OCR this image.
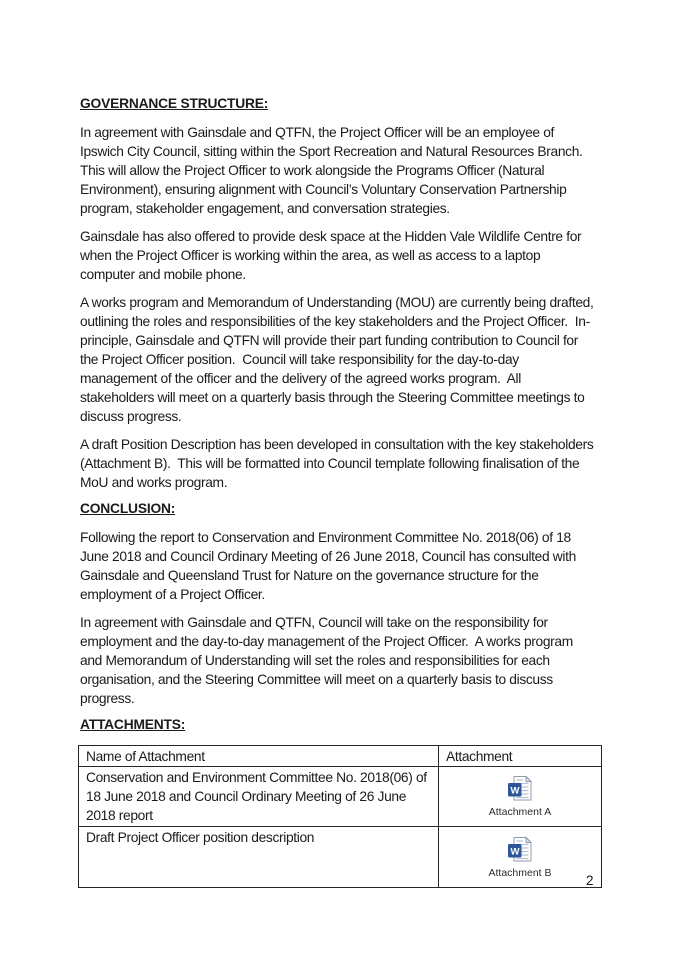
GOVERNANCE STRUCTURE:

In agreement with Gainsdale and QTFN, the Project Officer will be an employee of Ipswich City Council, sitting within the Sport Recreation and Natural Resources Branch.  This will allow the Project Officer to work alongside the Programs Officer (Natural Environment), ensuring alignment with Council’s Voluntary Conservation Partnership program, stakeholder engagement, and conversation strategies.

Gainsdale has also offered to provide desk space at the Hidden Vale Wildlife Centre for when the Project Officer is working within the area, as well as access to a laptop computer and mobile phone.

A works program and Memorandum of Understanding (MOU) are currently being drafted, outlining the roles and responsibilities of the key stakeholders and the Project Officer.  In-principle, Gainsdale and QTFN will provide their part funding contribution to Council for the Project Officer position.  Council will take responsibility for the day-to-day management of the officer and the delivery of the agreed works program.  All stakeholders will meet on a quarterly basis through the Steering Committee meetings to discuss progress.

A draft Position Description has been developed in consultation with the key stakeholders (Attachment B).  This will be formatted into Council template following finalisation of the MoU and works program.

CONCLUSION:

Following the report to Conservation and Environment Committee No. 2018(06) of 18 June 2018 and Council Ordinary Meeting of 26 June 2018, Council has consulted with Gainsdale and Queensland Trust for Nature on the governance structure for the employment of a Project Officer.

In agreement with Gainsdale and QTFN, Council will take on the responsibility for employment and the day-to-day management of the Project Officer.  A works program and Memorandum of Understanding will set the roles and responsibilities for each organisation, and the Steering Committee will meet on a quarterly basis to discuss progress.

ATTACHMENTS:
Name of Attachment	Attachment
Conservation and Environment Committee No. 2018(06) of 18 June 2018 and Council Ordinary Meeting of 26 June 2018 report	W
Attachment A

Draft Project Officer position description	W
Attachment B
2
